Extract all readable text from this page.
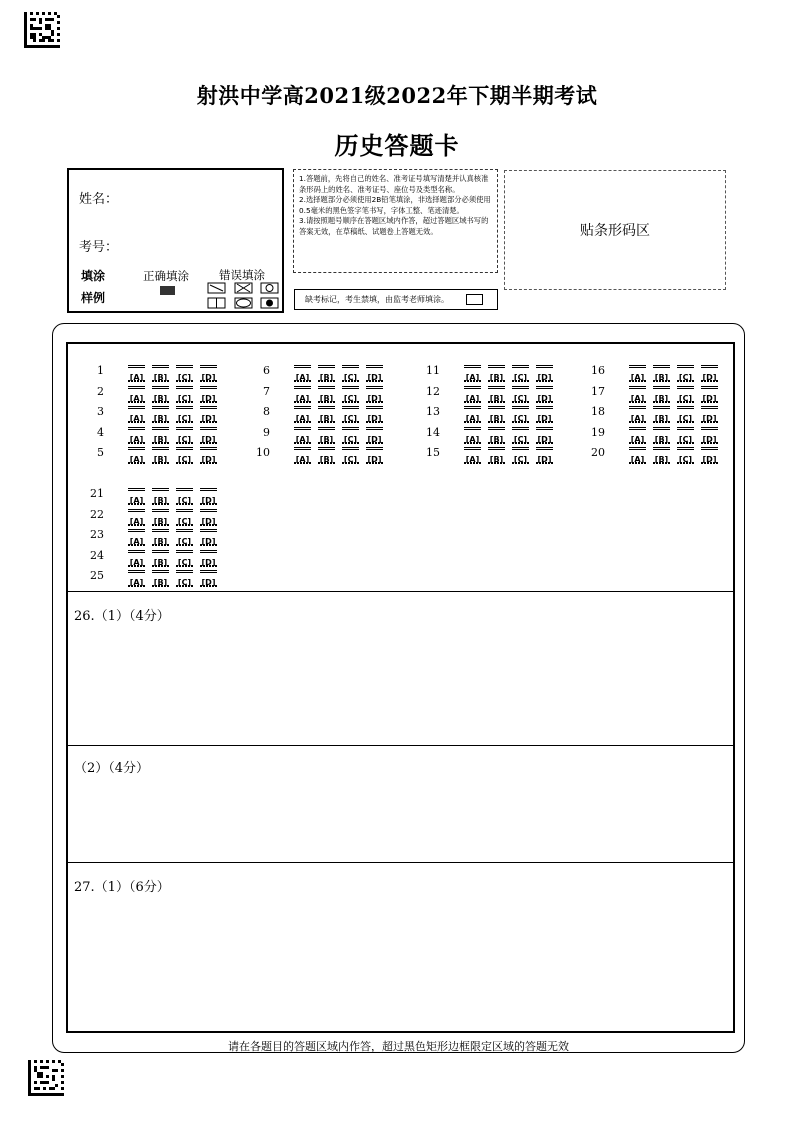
射洪中学高2021级2022年下期半期考试
历史答题卡
姓名：
考号：
填涂
样例
正确填涂	错误填涂
1.答题前，先将自己的姓名、准考证号填写清楚并认真核准条形码上的姓名、准考证号、座位号及类型名称。
2.选择题部分必须使用2B铅笔填涂，非选择题部分必须使用0.5毫米的黑色签字笔书写，字体工整、笔迹清楚。
3.请按照题号顺序在答题区域内作答，超过答题区域书写的答案无效，在草稿纸、试题卷上答题无效。	贴条形码区
缺考标记，考生禁填，由监考老师填涂。
1
[A] [B] [C] [D]
2
[A] [B] [C] [D]
3
[A] [B] [C] [D]
4
[A] [B] [C] [D]
5
[A] [B] [C] [D]
6
[A] [B] [C] [D]
7
[A] [B] [C] [D]
8
[A] [B] [C] [D]
9
[A] [B] [C] [D]
10
[A] [B] [C] [D]
11
[A] [B] [C] [D]
12
[A] [B] [C] [D]
13
[A] [B] [C] [D]
14
[A] [B] [C] [D]
15
[A] [B] [C] [D]
16
[A] [B] [C] [D]
17
[A] [B] [C] [D]
18
[A] [B] [C] [D]
19
[A] [B] [C] [D]
20
[A] [B] [C] [D]
21
[A] [B] [C] [D]
22
[A] [B] [C] [D]
23
[A] [B] [C] [D]
24
[A] [B] [C] [D]
25
[A] [B] [C] [D]
26.（1）（4分）
（2）（4分）
27.（1）（6分）
请在各题目的答题区域内作答，超过黑色矩形边框限定区域的答题无效
